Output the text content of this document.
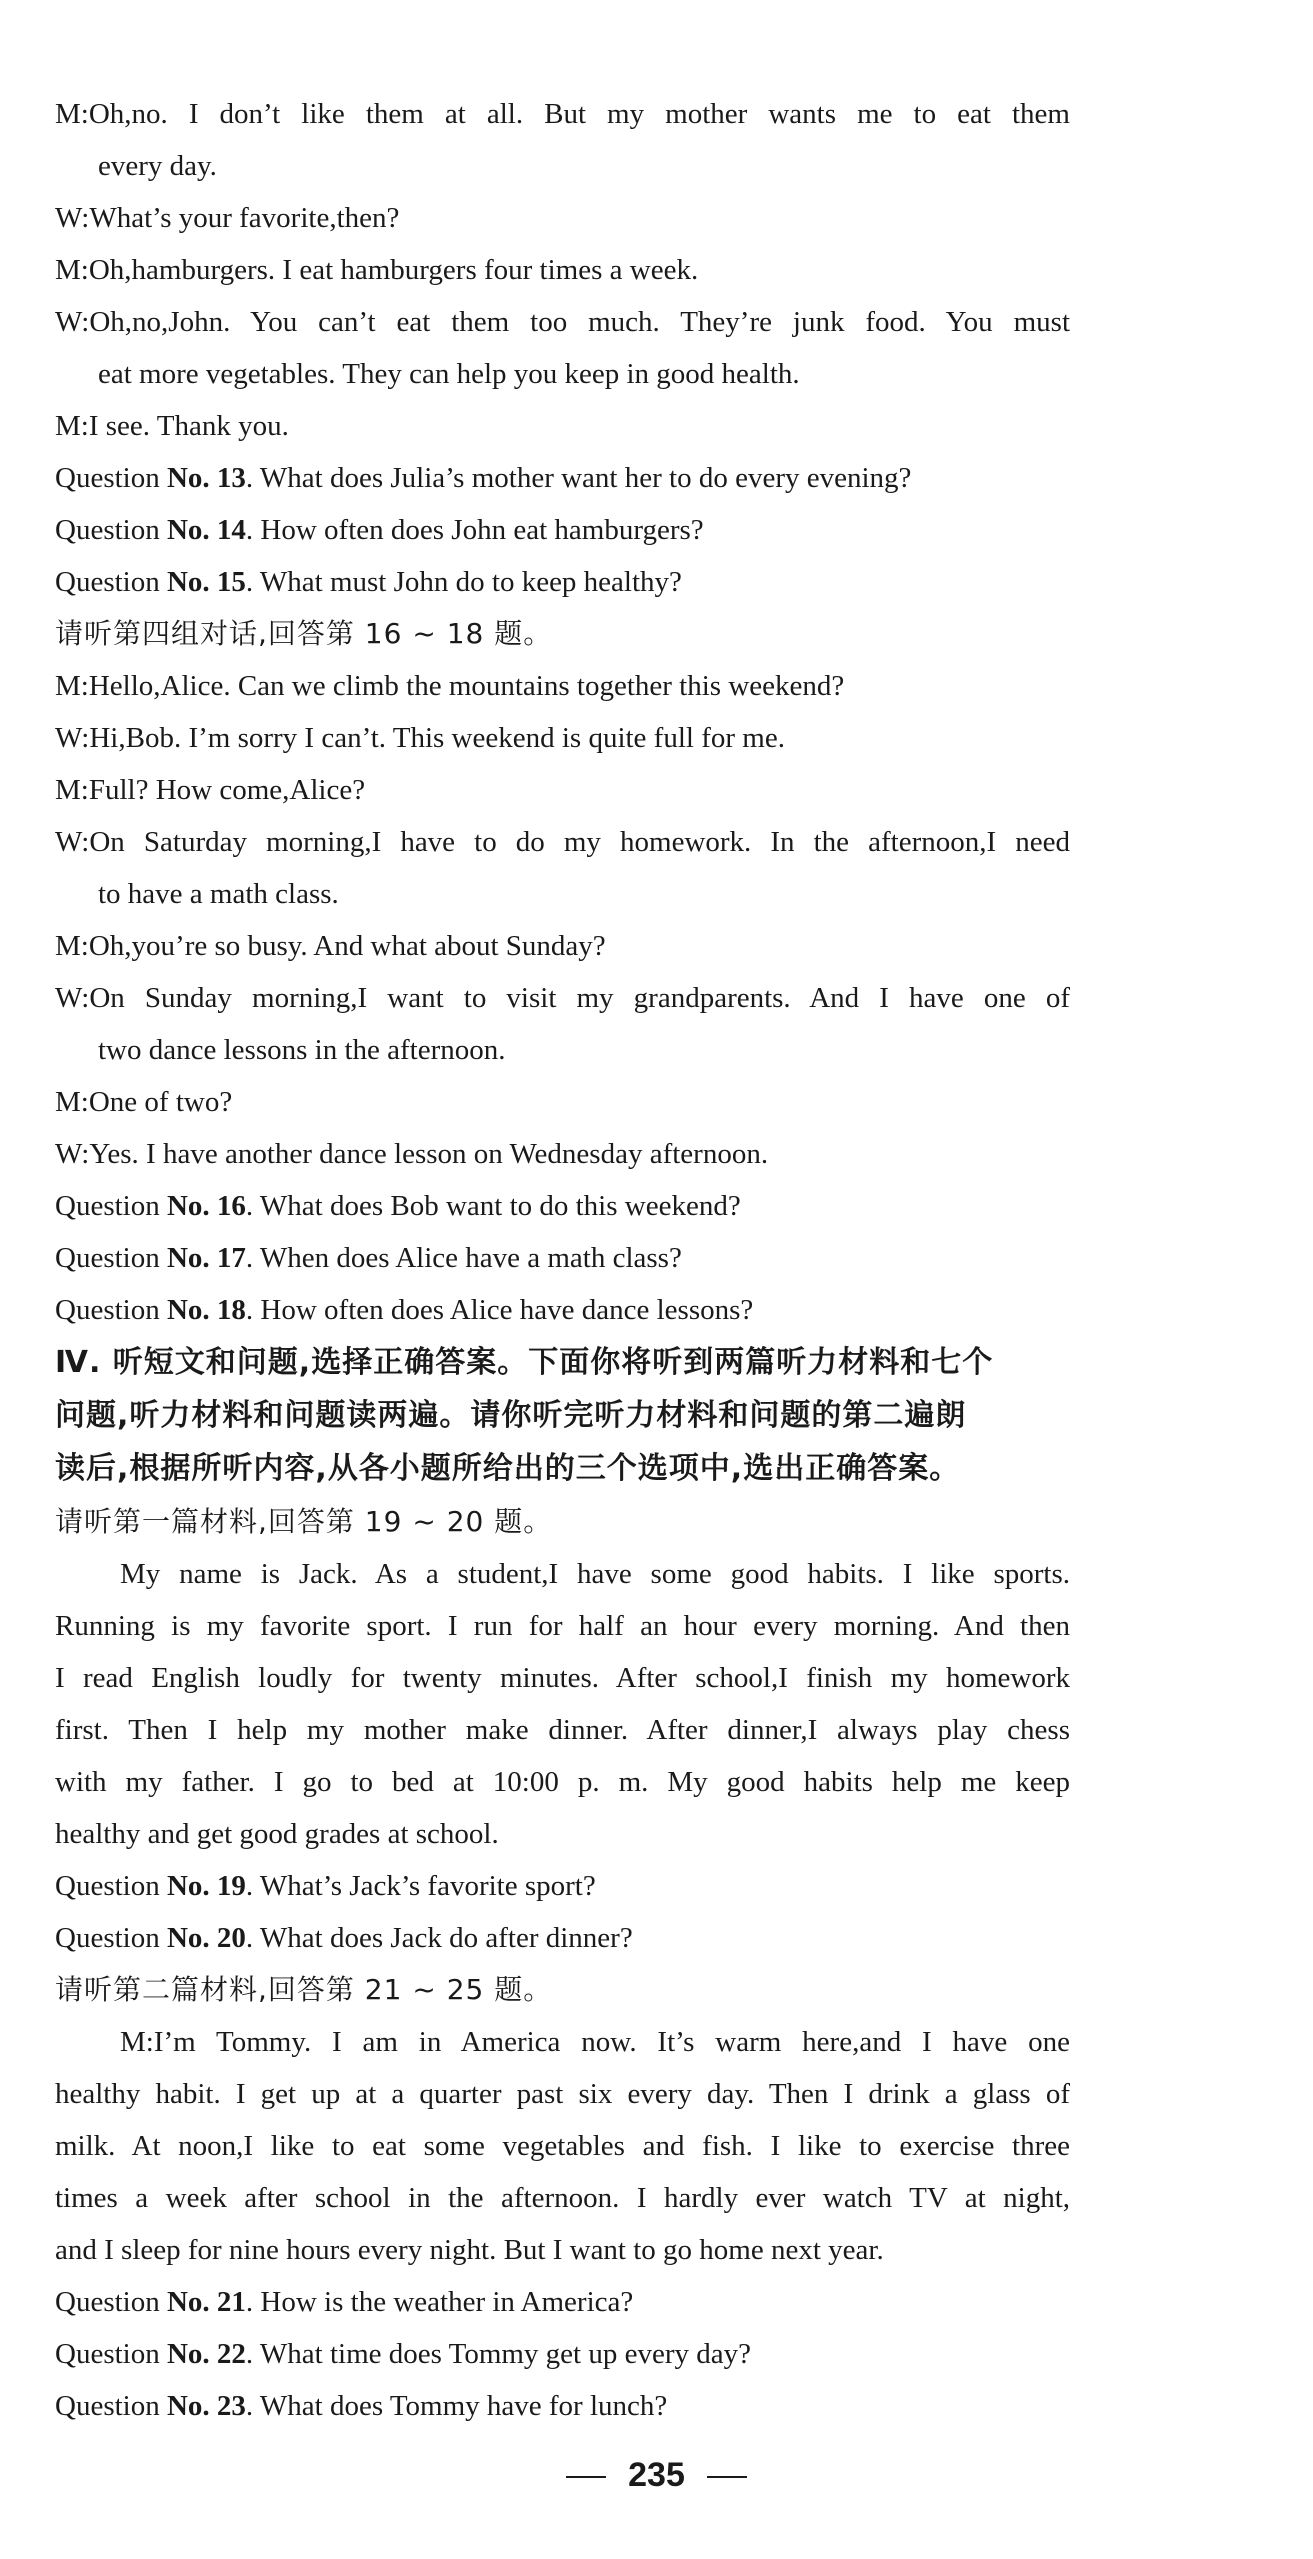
M:Oh,no. I don’t like them at all. But my mother wants me to eat them
every day.
W:What’s your favorite,then?
M:Oh,hamburgers. I eat hamburgers four times a week.
W:Oh,no,John. You can’t eat them too much. They’re junk food. You must
eat more vegetables. They can help you keep in good health.
M:I see. Thank you.
Question No. 13. What does Julia’s mother want her to do every evening?
Question No. 14. How often does John eat hamburgers?
Question No. 15. What must John do to keep healthy?
请听第四组对话,回答第 16 ~ 18 题。
M:Hello,Alice. Can we climb the mountains together this weekend?
W:Hi,Bob. I’m sorry I can’t. This weekend is quite full for me.
M:Full? How come,Alice?
W:On Saturday morning,I have to do my homework. In the afternoon,I need
to have a math class.
M:Oh,you’re so busy. And what about Sunday?
W:On Sunday morning,I want to visit my grandparents. And I have one of
two dance lessons in the afternoon.
M:One of two?
W:Yes. I have another dance lesson on Wednesday afternoon.
Question No. 16. What does Bob want to do this weekend?
Question No. 17. When does Alice have a math class?
Question No. 18. How often does Alice have dance lessons?
Ⅳ. 听短文和问题,选择正确答案。下面你将听到两篇听力材料和七个
问题,听力材料和问题读两遍。请你听完听力材料和问题的第二遍朗
读后,根据所听内容,从各小题所给出的三个选项中,选出正确答案。
请听第一篇材料,回答第 19 ~ 20 题。
My name is Jack. As a student,I have some good habits. I like sports.
Running is my favorite sport. I run for half an hour every morning. And then
I read English loudly for twenty minutes. After school,I finish my homework
first. Then I help my mother make dinner. After dinner,I always play chess
with my father. I go to bed at 10:00 p. m. My good habits help me keep
healthy and get good grades at school.
Question No. 19. What’s Jack’s favorite sport?
Question No. 20. What does Jack do after dinner?
请听第二篇材料,回答第 21 ~ 25 题。
M:I’m Tommy. I am in America now. It’s warm here,and I have one
healthy habit. I get up at a quarter past six every day. Then I drink a glass of
milk. At noon,I like to eat some vegetables and fish. I like to exercise three
times a week after school in the afternoon. I hardly ever watch TV at night,
and I sleep for nine hours every night. But I want to go home next year.
Question No. 21. How is the weather in America?
Question No. 22. What time does Tommy get up every day?
Question No. 23. What does Tommy have for lunch?
235
